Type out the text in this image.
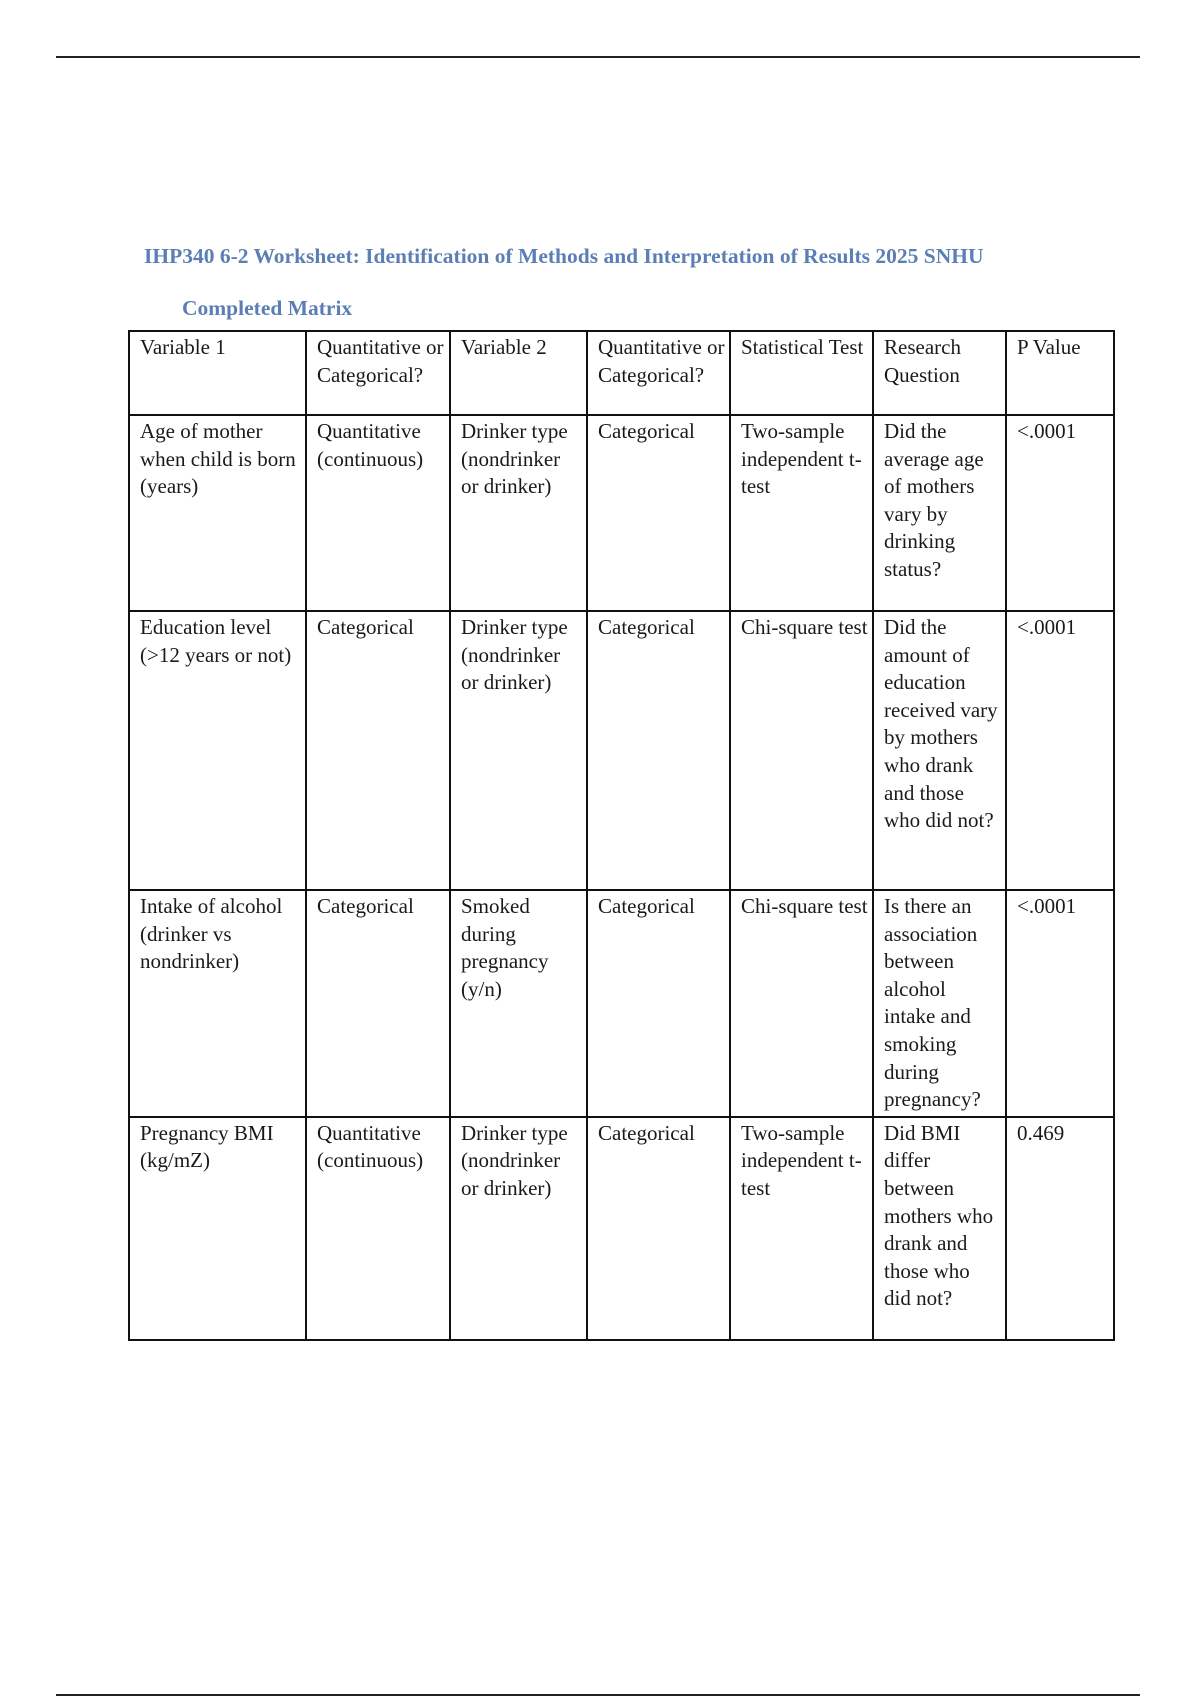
IHP340 6-2 Worksheet: Identification of Methods and Interpretation of Results 2025 SNHU
Completed Matrix
Variable 1	Quantitative or Categorical?	Variable 2	Quantitative or Categorical?	Statistical Test	Research Question	P Value
Age of mother when child is born (years)	Quantitative (continuous)	Drinker type (nondrinker or drinker)	Categorical	Two-sample independent t-test	Did the average age of mothers vary by drinking status?	<.0001
Education level (>12 years or not)	Categorical	Drinker type (nondrinker or drinker)	Categorical	Chi-square test	Did the amount of education received vary by mothers who drank and those who did not?	<.0001
Intake of alcohol (drinker vs nondrinker)	Categorical	Smoked during pregnancy (y/n)	Categorical	Chi-square test	Is there an association between alcohol intake and smoking during pregnancy?	<.0001
Pregnancy BMI (kg/mZ)	Quantitative (continuous)	Drinker type (nondrinker or drinker)	Categorical	Two-sample independent t-test	Did BMI differ between mothers who drank and those who did not?	0.469
